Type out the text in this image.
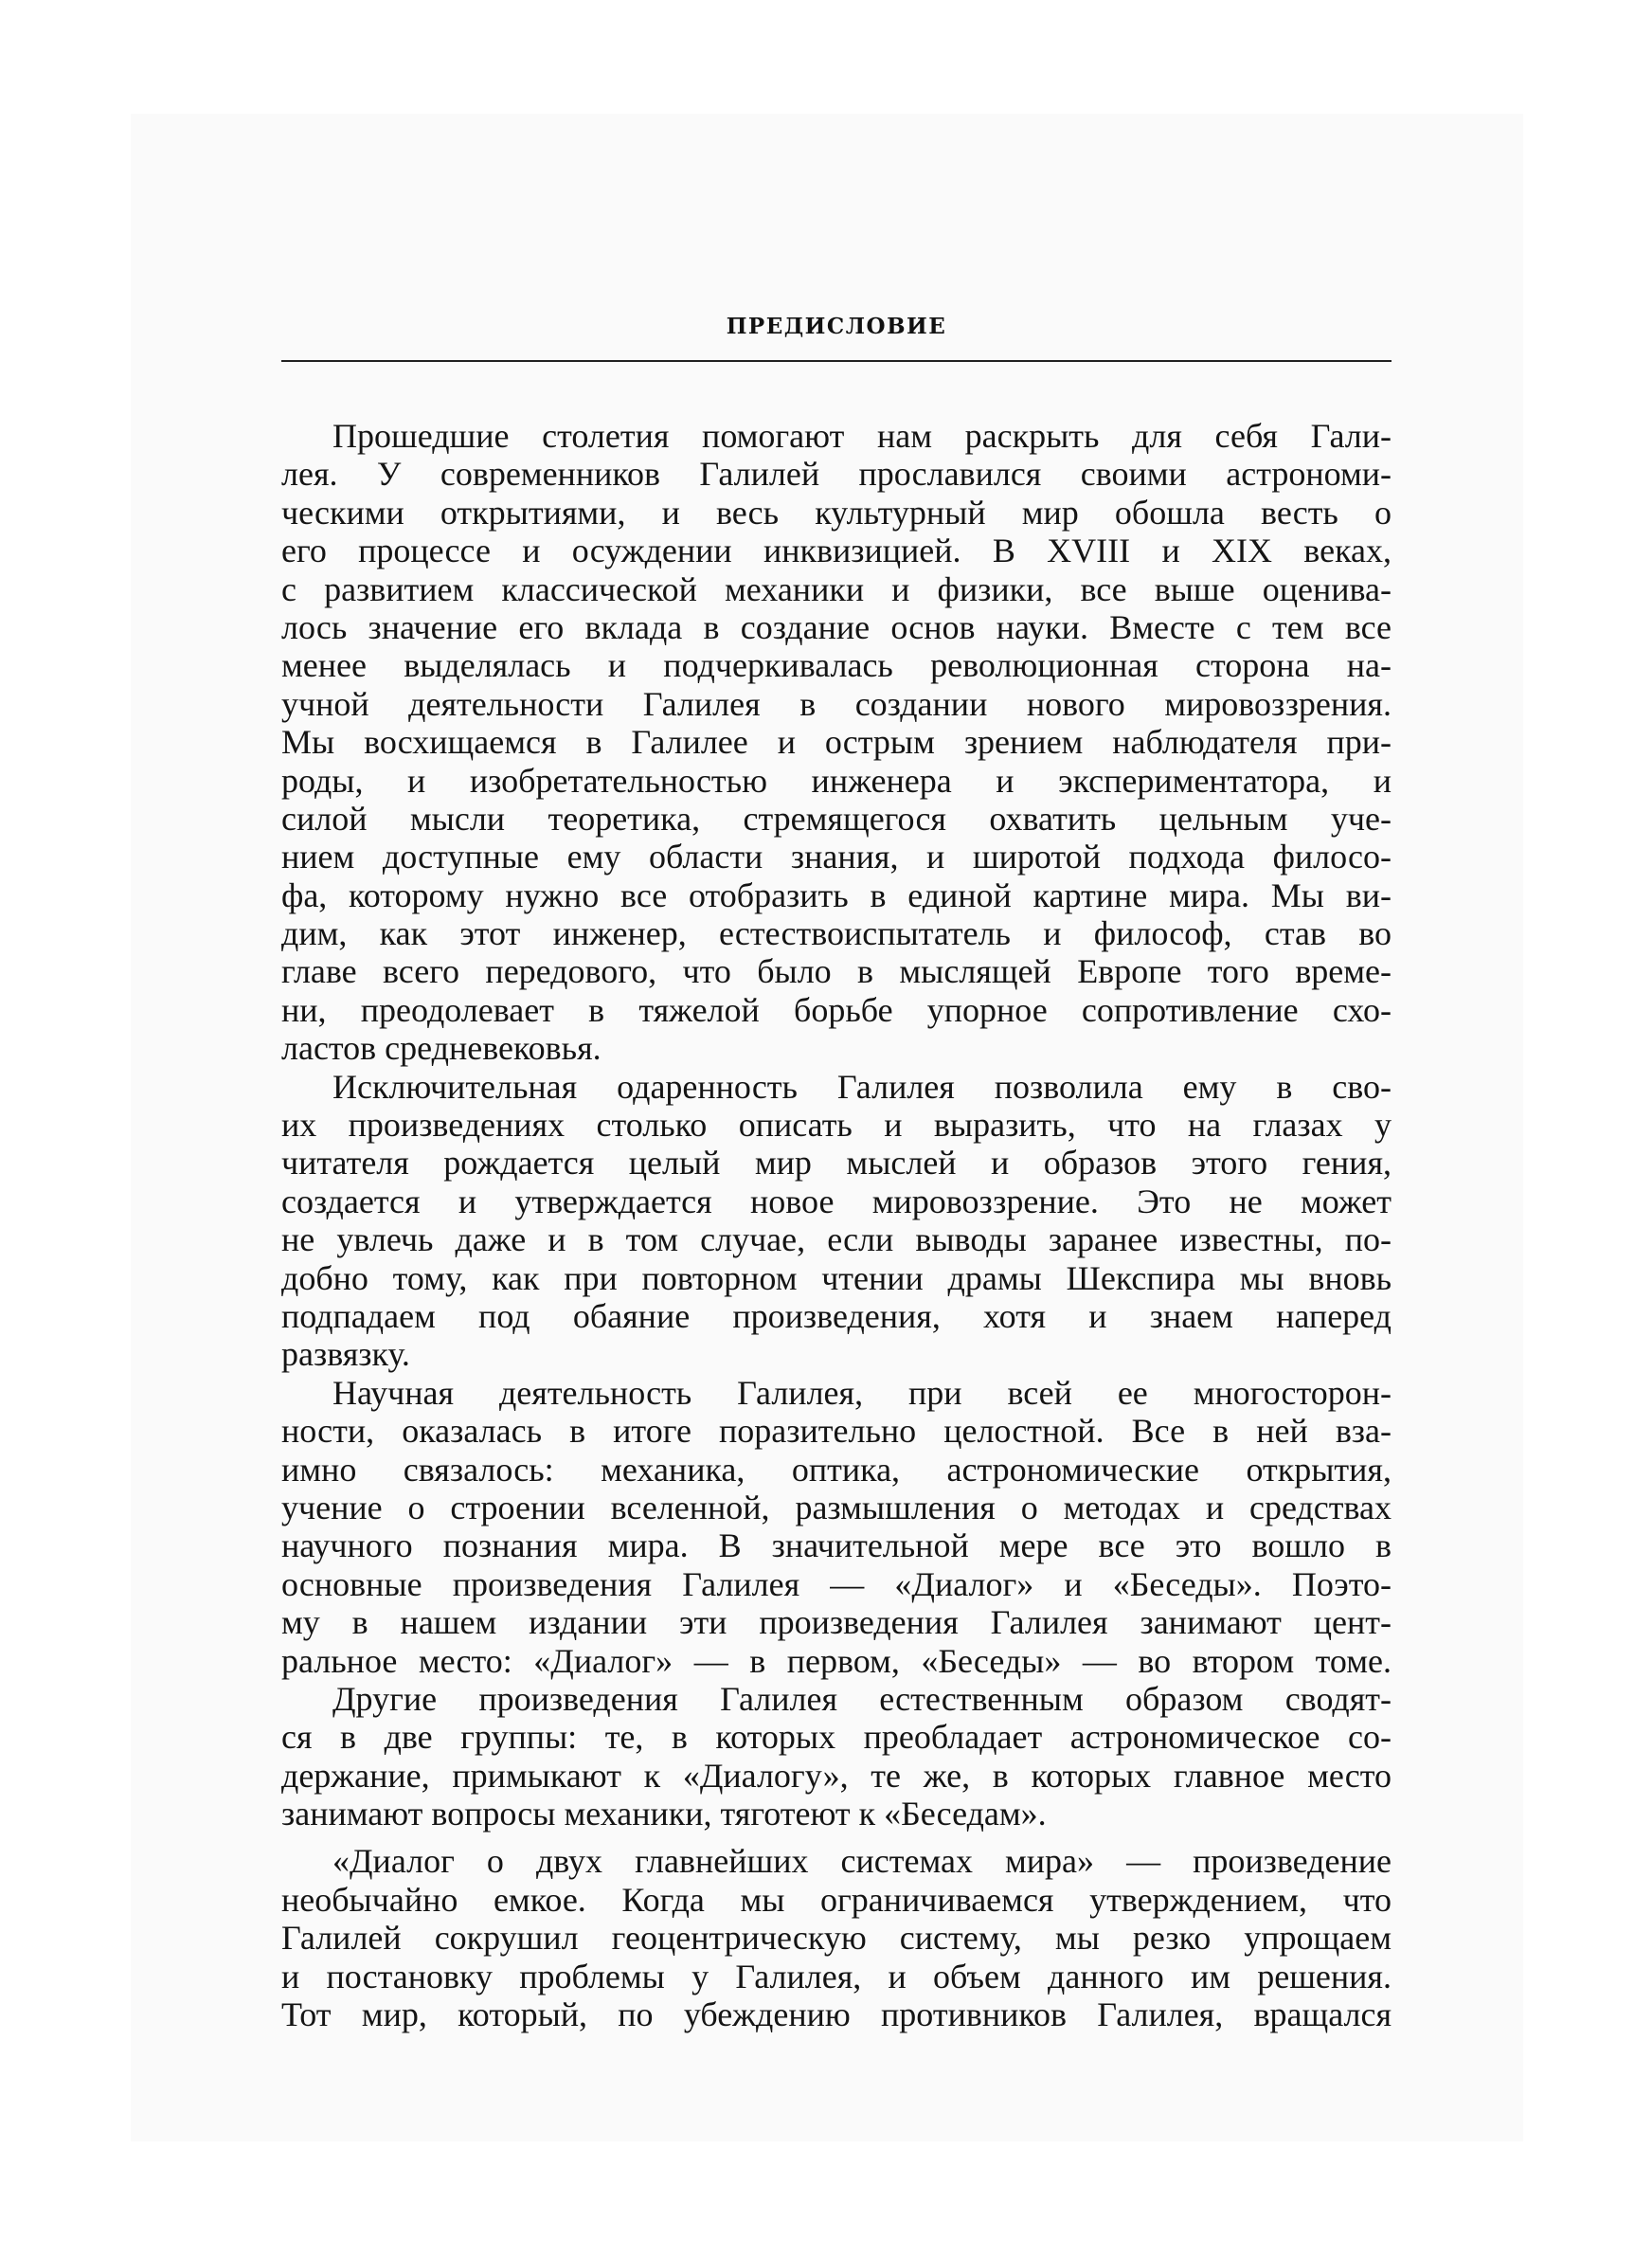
ПРЕДИСЛОВИЕ
Прошедшие столетия помогают нам раскрыть для себя Гали-
лея. У современников Галилей прославился своими астрономи-
ческими открытиями, и весь культурный мир обошла весть о
его процессе и осуждении инквизицией. В XVIII и XIX веках,
с развитием классической механики и физики, все выше оценива-
лось значение его вклада в создание основ науки. Вместе с тем все
менее выделялась и подчеркивалась революционная сторона на-
учной деятельности Галилея в создании нового мировоззрения.
Мы восхищаемся в Галилее и острым зрением наблюдателя при-
роды, и изобретательностью инженера и экспериментатора, и
силой мысли теоретика, стремящегося охватить цельным уче-
нием доступные ему области знания, и широтой подхода филосо-
фа, которому нужно все отобразить в единой картине мира. Мы ви-
дим, как этот инженер, естествоиспытатель и философ, став во
главе всего передового, что было в мыслящей Европе того време-
ни, преодолевает в тяжелой борьбе упорное сопротивление схо-
ластов средневековья.
Исключительная одаренность Галилея позволила ему в сво-
их произведениях столько описать и выразить, что на глазах у
читателя рождается целый мир мыслей и образов этого гения,
создается и утверждается новое мировоззрение. Это не может
не увлечь даже и в том случае, если выводы заранее известны, по-
добно тому, как при повторном чтении драмы Шекспира мы вновь
подпадаем под обаяние произведения, хотя и знаем наперед
развязку.
Научная деятельность Галилея, при всей ее многосторон-
ности, оказалась в итоге поразительно целостной. Все в ней вза-
имно связалось: механика, оптика, астрономические открытия,
учение о строении вселенной, размышления о методах и средствах
научного познания мира. В значительной мере все это вошло в
основные произведения Галилея — «Диалог» и «Беседы». Поэто-
му в нашем издании эти произведения Галилея занимают цент-
ральное место: «Диалог» — в первом, «Беседы» — во втором томе.
Другие произведения Галилея естественным образом сводят-
ся в две группы: те, в которых преобладает астрономическое со-
держание, примыкают к «Диалогу», те же, в которых главное место
занимают вопросы механики, тяготеют к «Беседам».
«Диалог о двух главнейших системах мира» — произведение
необычайно емкое. Когда мы ограничиваемся утверждением, что
Галилей сокрушил геоцентрическую систему, мы резко упрощаем
и постановку проблемы у Галилея, и объем данного им решения.
Тот мир, который, по убеждению противников Галилея, вращался
